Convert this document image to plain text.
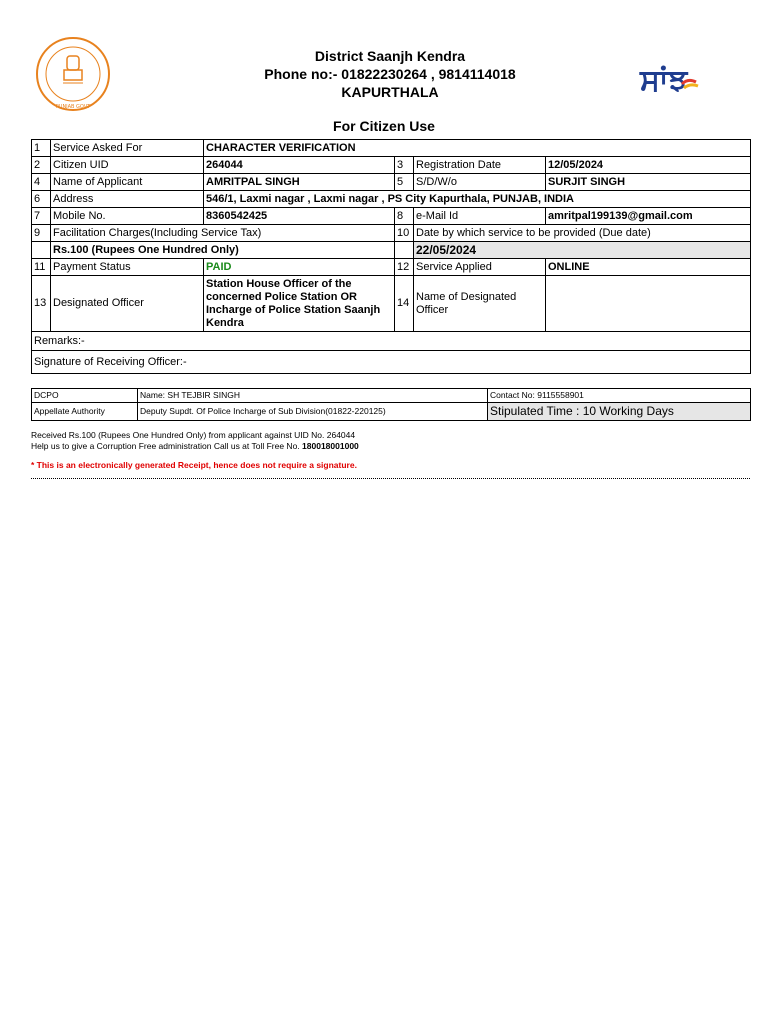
PUNJAB GOVT
District Saanjh Kendra
Phone no:- 01822230264 , 9814114018
KAPURTHALA	ਸਾਂਝ
For Citizen Use
1	Service Asked For	CHARACTER VERIFICATION			
2	Citizen UID	264044	3	Registration Date	12/05/2024
4	Name of Applicant	AMRITPAL SINGH	5	S/D/W/o	SURJIT SINGH
6	Address	546/1, Laxmi nagar , Laxmi nagar , PS City Kapurthala, PUNJAB, INDIA			
7	Mobile No.	8360542425	8	e-Mail Id	amritpal199139@gmail.com
9	Facilitation Charges(Including Service Tax)		10	Date by which service to be provided (Due date)	
	Rs.100 (Rupees One Hundred Only)			22/05/2024	
11	Payment Status	PAID	12	Service Applied	ONLINE
13	Designated Officer	Station House Officer of the concerned Police Station OR Incharge of Police Station Saanjh Kendra	14	Name of Designated Officer	
Remarks:-					
Signature of Receiving Officer:-					
DCPO	Name: SH TEJBIR SINGH	Contact No: 9115558901
Appellate Authority	Deputy Supdt. Of Police Incharge of Sub Division(01822-220125)	Stipulated Time : 10 Working Days
Received Rs.100 (Rupees One Hundred Only) from applicant against UID No. 264044
Help us to give a Corruption Free administration Call us at Toll Free No. 180018001000
* This is an electronically generated Receipt, hence does not require a signature.
